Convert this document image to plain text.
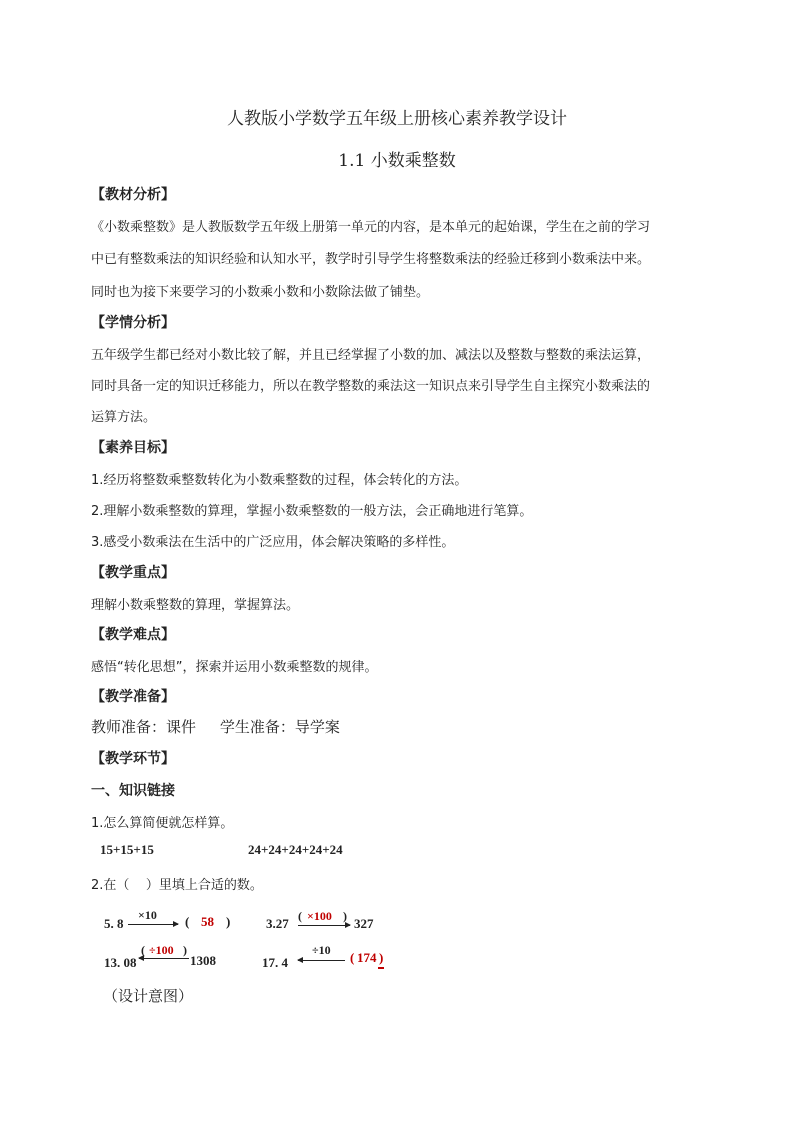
人教版小学数学五年级上册核心素养教学设计
1.1 小数乘整数
【教材分析】
《小数乘整数》是人教版数学五年级上册第一单元的内容，是本单元的起始课，学生在之前的学习
中已有整数乘法的知识经验和认知水平，教学时引导学生将整数乘法的经验迁移到小数乘法中来。
同时也为接下来要学习的小数乘小数和小数除法做了铺垫。
【学情分析】
五年级学生都已经对小数比较了解，并且已经掌握了小数的加、减法以及整数与整数的乘法运算，
同时具备一定的知识迁移能力，所以在教学整数的乘法这一知识点来引导学生自主探究小数乘法的
运算方法。
【素养目标】
1.经历将整数乘整数转化为小数乘整数的过程，体会转化的方法。
2.理解小数乘整数的算理，掌握小数乘整数的一般方法，会正确地进行笔算。
3.感受小数乘法在生活中的广泛应用，体会解决策略的多样性。
【教学重点】
理解小数乘整数的算理，掌握算法。
【教学难点】
感悟“转化思想”，探索并运用小数乘整数的规律。
【教学准备】
教师准备：课件     学生准备：导学案
【教学环节】
一、知识链接
1.怎么算简便就怎样算。
15+15+15	24+24+24+24+24
2.在（    ）里填上合适的数。
5. 8
×10 ( 58 )	3.27 ( ×100 ) 327
13. 08
( ÷100 )
1308	17. 4
÷10 ( 174 )
（设计意图）
